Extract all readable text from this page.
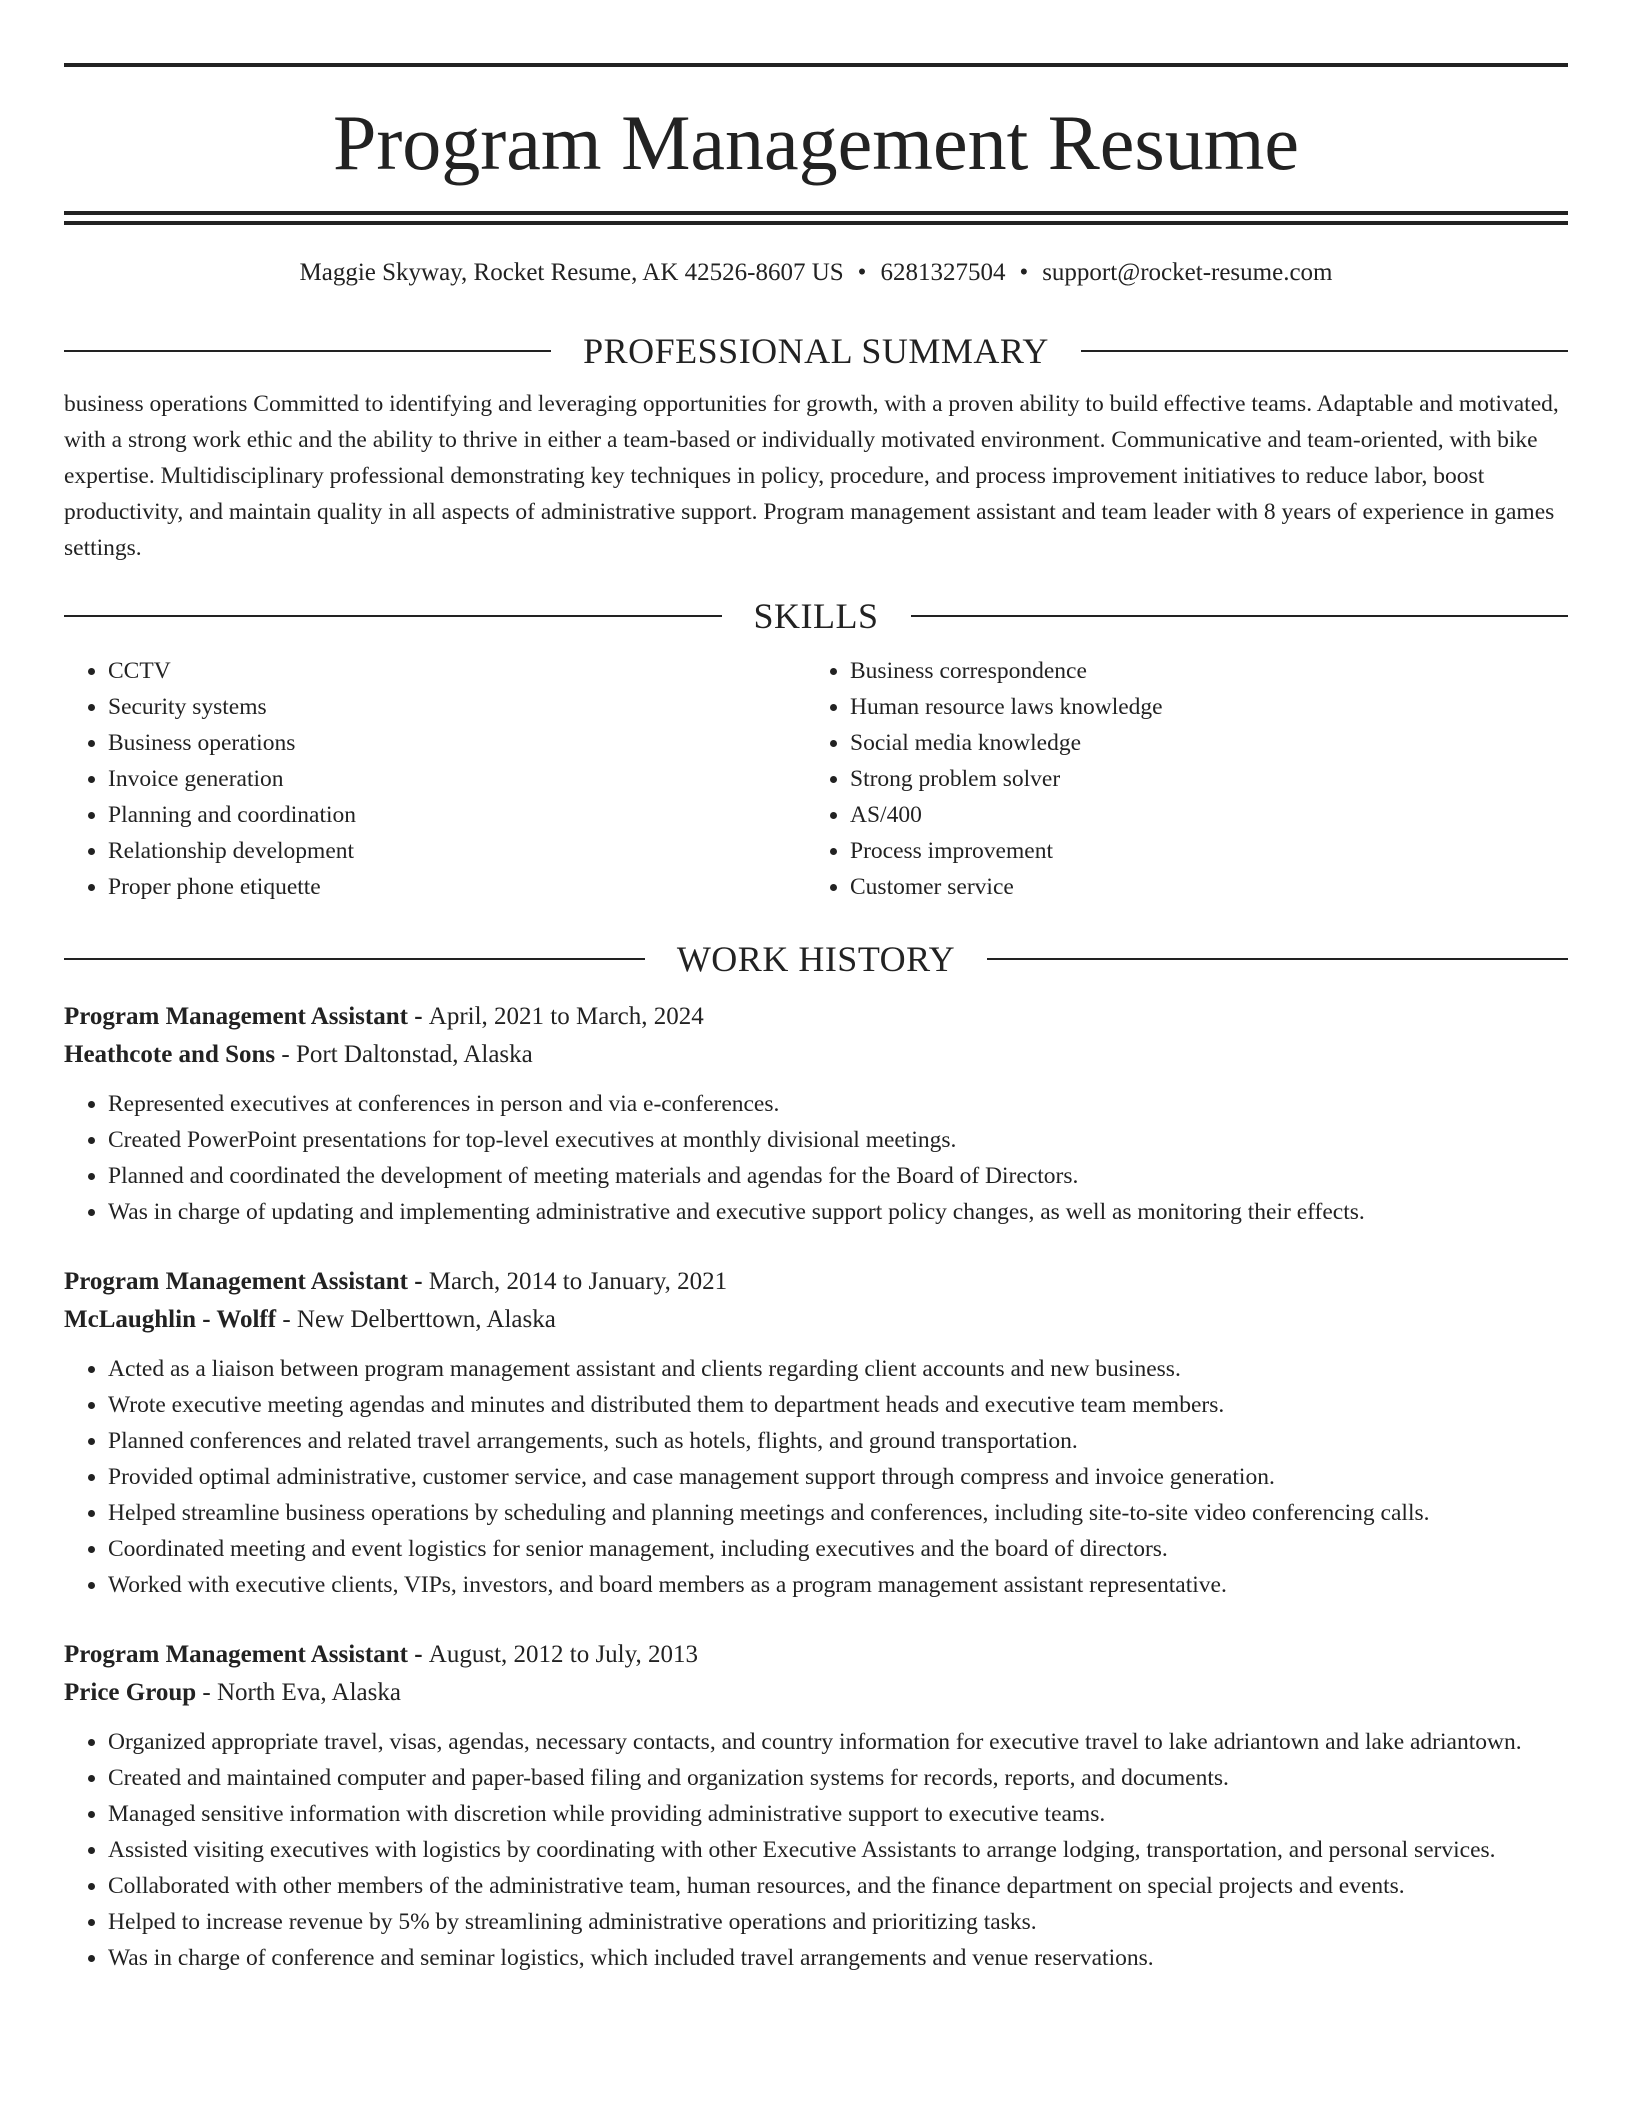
Program Management Resume
Maggie Skyway, Rocket Resume, AK 42526-8607 US • 6281327504 • support@rocket-resume.com
PROFESSIONAL SUMMARY

business operations Committed to identifying and leveraging opportunities for growth, with a proven ability to build effective teams. Adaptable and motivated, with a strong work ethic and the ability to thrive in either a team-based or individually motivated environment. Communicative and team-oriented, with bike expertise. Multidisciplinary professional demonstrating key techniques in policy, procedure, and process improvement initiatives to reduce labor, boost productivity, and maintain quality in all aspects of administrative support. Program management assistant and team leader with 8 years of experience in games settings.

SKILLS
• CCTV
• Security systems
• Business operations
• Invoice generation
• Planning and coordination
• Relationship development
• Proper phone etiquette
• Business correspondence
• Human resource laws knowledge
• Social media knowledge
• Strong problem solver
• AS/400
• Process improvement
• Customer service
WORK HISTORY
Program Management Assistant - April, 2021 to March, 2024
Heathcote and Sons - Port Daltonstad, Alaska
• Represented executives at conferences in person and via e-conferences.
• Created PowerPoint presentations for top-level executives at monthly divisional meetings.
• Planned and coordinated the development of meeting materials and agendas for the Board of Directors.
• Was in charge of updating and implementing administrative and executive support policy changes, as well as monitoring their effects.
Program Management Assistant - March, 2014 to January, 2021
McLaughlin - Wolff - New Delberttown, Alaska
• Acted as a liaison between program management assistant and clients regarding client accounts and new business.
• Wrote executive meeting agendas and minutes and distributed them to department heads and executive team members.
• Planned conferences and related travel arrangements, such as hotels, flights, and ground transportation.
• Provided optimal administrative, customer service, and case management support through compress and invoice generation.
• Helped streamline business operations by scheduling and planning meetings and conferences, including site-to-site video conferencing calls.
• Coordinated meeting and event logistics for senior management, including executives and the board of directors.
• Worked with executive clients, VIPs, investors, and board members as a program management assistant representative.
Program Management Assistant - August, 2012 to July, 2013
Price Group - North Eva, Alaska
• Organized appropriate travel, visas, agendas, necessary contacts, and country information for executive travel to lake adriantown and lake adriantown.
• Created and maintained computer and paper-based filing and organization systems for records, reports, and documents.
• Managed sensitive information with discretion while providing administrative support to executive teams.
• Assisted visiting executives with logistics by coordinating with other Executive Assistants to arrange lodging, transportation, and personal services.
• Collaborated with other members of the administrative team, human resources, and the finance department on special projects and events.
• Helped to increase revenue by 5% by streamlining administrative operations and prioritizing tasks.
• Was in charge of conference and seminar logistics, which included travel arrangements and venue reservations.
